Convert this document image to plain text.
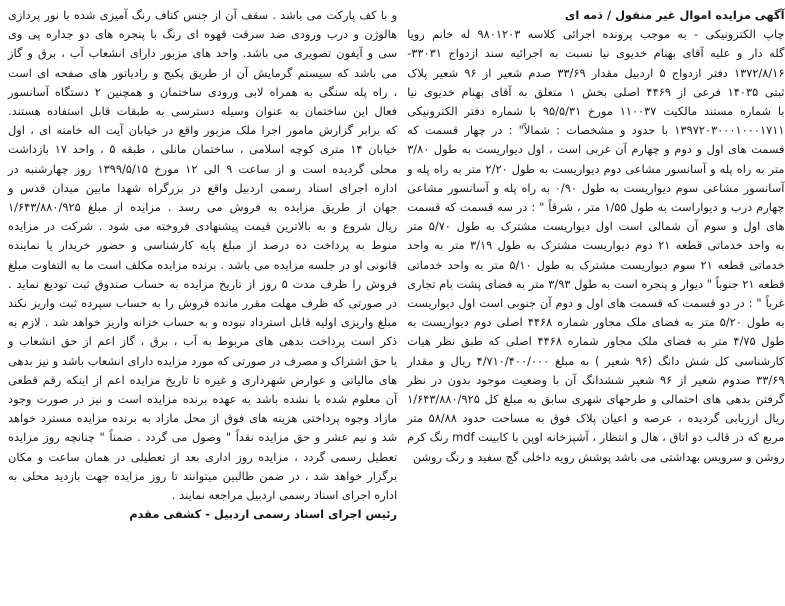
و با کف پارکت می باشد . سقف آن از جنس کناف رنگ آمیزی شده با نور پردازی
هالوژن و درب ورودی ضد سرقت قهوه ای رنگ با پنجره های دو جداره پی وی
سی و آیفون تصویری می باشد. واحد های مزبور دارای انشعاب آب ، برق و گاز
می باشد که سیستم گرمایش آن از طریق پکیج و رادیاتور های صفحه ای است
، راه پله سنگی به همراه لابی ورودی ساختمان و همچنین ۲ دستگاه آسانسور
فعال این ساختمان به عنوان وسیله دسترسی به طبقات قابل استفاده هستند.
که برابر گزارش مامور اجرا ملک مزبور واقع در خیابان آیت اله خامنه ای ، اول
خیابان ۱۴ متری کوچه اسلامی ، ساختمان مانلی ، طبقه ۵ ، واحد ۱۷ بازداشت
محلی گردیده است و از ساعت ۹ الی ۱۲ مورخ ۱۳۹۹/۵/۱۵ روز چهارشنبه در
اداره اجرای اسناد رسمی اردبیل واقع در بزرگراه شهدا مابین میدان قدس و
جهان از طریق مزایده به فروش می رسد . مزایده از مبلغ ۱/۶۴۳/۸۸۰/۹۲۵
ریال شروع و به بالاترین قیمت پیشنهادی فروخته می شود . شرکت در مزایده
منوط به پرداخت ده درصد از مبلغ پایه کارشناسی و حضور خریدار یا نماینده
قانونی او در جلسه مزایده می باشد . برنده مزایده مکلف است ما به التفاوت مبلغ
فروش را ظرف مدت ۵ روز از تاریخ مزایده به حساب صندوق ثبت تودیع نماید .
در صورتی که ظرف مهلت مقرر مانده فروش را به حساب سپرده ثبت واریز نکند
مبلغ واریزی اولیه قابل استرداد نبوده و به حساب خزانه واریز خواهد شد . لازم به
ذکر است پرداخت بدهی های مربوط به آب ، برق ، گاز اعم از حق انشعاب و
یا حق اشتراک و مصرف در صورتی که مورد مزایده دارای انشعاب باشد و نیز بدهی
های مالیاتی و عوارض شهرداری و غیره تا تاریخ مزایده اعم از اینکه رقم قطعی
آن معلوم شده یا نشده باشد به عهده برنده مزایده است و نیز در صورت وجود
مازاد وجوه پرداختی هزینه های فوق از محل مازاد به برنده مزایده مسترد خواهد
شد و نیم عشر و حق مزایده نقداً " وصول می گردد . ضمناً " چنانچه روز مزایده
تعطیل رسمی گردد ، مزایده روز اداری بعد از تعطیلی در همان ساعت و مکان
برگزار خواهد شد ، در ضمن طالبین میتوانند تا روز مزایده جهت بازدید محلی به
اداره اجرای اسناد رسمی اردبیل مراجعه نمایند .
رئیس اجرای اسناد رسمی اردبیل - کشفی مقدم
آگهی مزایده اموال غیر منقول / ذمه ای
چاپ الکترونیکی - به موجب پرونده اجرائی کلاسه ۹۸۰۱۲۰۳ له خانم رویا
گله دار و علیه آقای بهنام خدیوی نیا نسبت به اجرائیه سند ازدواج ۳۳۰۳۱-
۱۳۷۲/۸/۱۶ دفتر ازدواج ۵ اردبیل مقدار ۳۳/۶۹ صدم شعیر از ۹۶ شعیر پلاک
ثبتی ۱۴۰۳۵ فرعی از ۴۴۶۹ اصلی بخش ۱ متعلق به آقای بهنام خدیوی نیا
با شماره مستند مالکیت ۱۱۰۰۳۷ مورخ ۹۵/۵/۳۱ با شماره دفتر الکترونیکی
۱۳۹۷۲۰۳۰۰۰۱۰۰۰۱۷۱۱ با حدود و مشخصات : شمالاً" : در چهار قسمت که
قسمت های اول و دوم و چهارم آن غربی است ، اول دیواریست به طول ۳/۸۰
متر به راه پله و آسانسور مشاعی دوم دیواریست به طول ۲/۲۰ متر به راه پله و
آسانسور مشاعی سوم دیواریست به طول ۰/۹۰ به راه پله و آسانسور مشاعی
چهارم درب و دیواراست به طول ۱/۵۵ متر ، شرقاً " : در سه قسمت که قسمت
های اول و سوم آن شمالی است اول دیواریست مشترک به طول ۵/۷۰ متر
به واحد خدماتی قطعه ۲۱ دوم دیواریست مشترک به طول ۳/۱۹ متر به واحد
خدماتی قطعه ۲۱ سوم دیواریست مشترک به طول ۵/۱۰ متر به واحد خدماتی
قطعه ۲۱ جنوباً " دیوار و پنجره است به طول ۳/۹۳ متر به فضای پشت بام تجاری
غرباً " : در دو قسمت که قسمت های اول و دوم آن جنوبی است اول دیواریست
به طول ۵/۲۰ متر به فضای ملک مجاور شماره ۴۴۶۸ اصلی دوم دیواریست به
طول ۴/۷۵ متر به فضای ملک مجاور شماره ۴۴۶۸ اصلی که طبق نظر هیات
کارشناسی کل شش دانگ (۹۶ شعیر ) به مبلغ ۴/۷۱۰/۴۰۰/۰۰۰ ریال و مقدار
۳۳/۶۹ صدوم شعیر از ۹۶ شعیر ششدانگ آن با وضعیت موجود بدون در نظر
گرفتن بدهی های احتمالی و طرحهای شهری سابق به مبلغ کل ۱/۶۴۳/۸۸۰/۹۲۵
ریال ارزیابی گردیده ، عرصه و اعیان پلاک فوق به مساحت حدود ۵۸/۸۸ متر
مربع که در قالب دو اتاق ، هال و انتظار ، آشپزخانه اوپن با کابینت mdf رنگ کرم
روشن و سرویس بهداشتی می باشد پوشش رویه داخلی گچ سفید و رنگ روشن
